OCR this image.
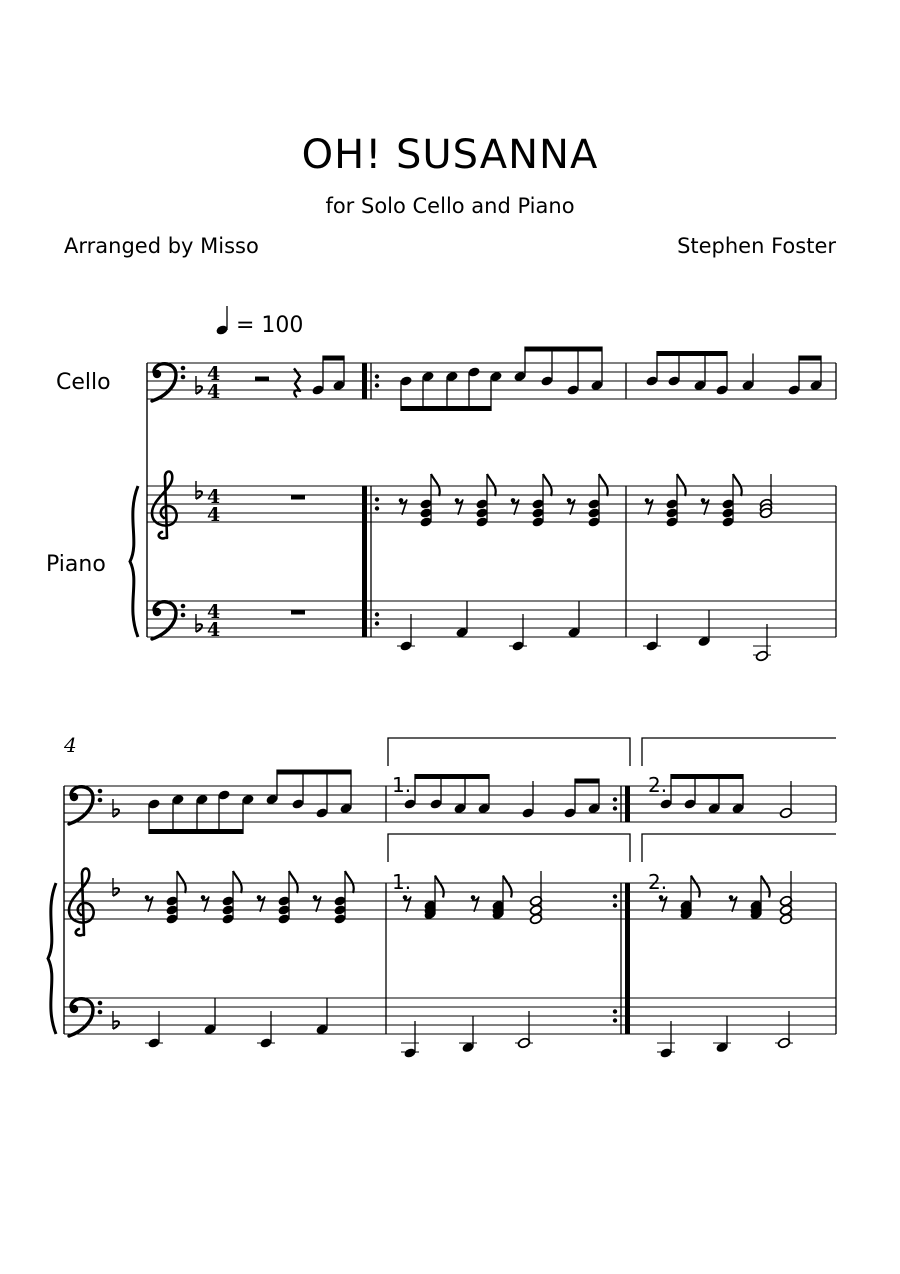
OH! SUSANNA
for Solo Cello and Piano
Arranged by Misso	Stephen Foster
= 100
Cello
Piano
4
1.	2.
1.	2.
4
4
4
4
4
4
